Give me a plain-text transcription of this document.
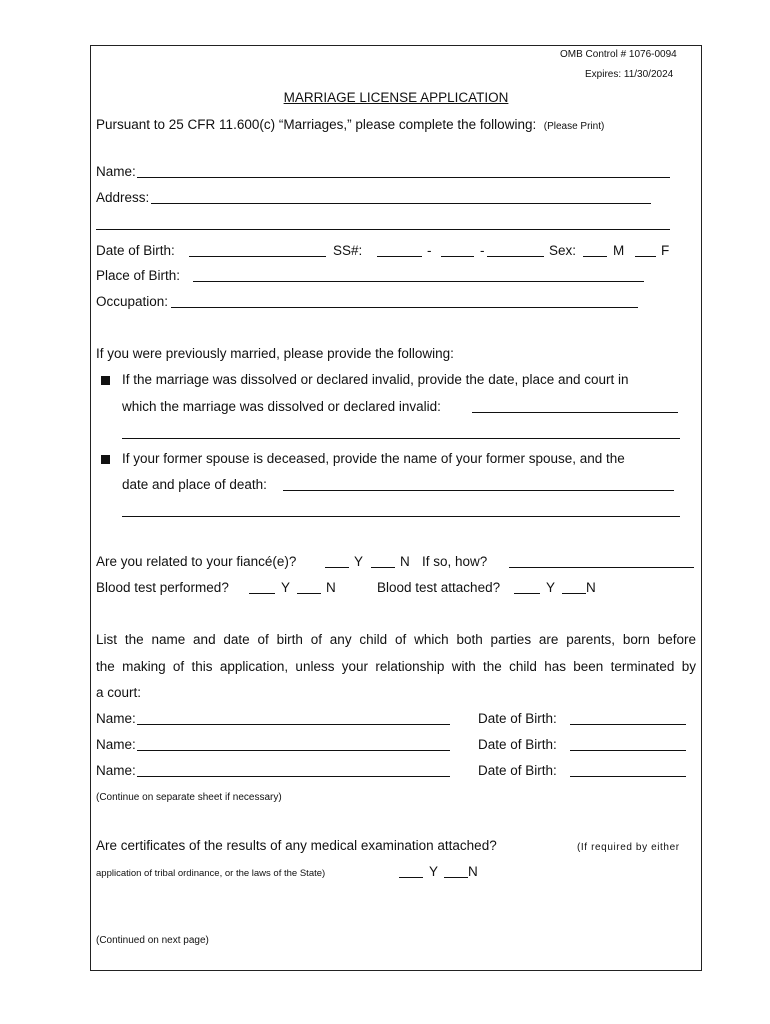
OMB Control # 1076-0094
Expires: 11/30/2024
MARRIAGE LICENSE APPLICATION
Pursuant to 25 CFR 11.600(c) “Marriages,” please complete the following: (Please Print)
Name:
Address:
Date of Birth:	SS#:	-	-	Sex:	M	F
Place of Birth:
Occupation:
If you were previously married, please provide the following:
If the marriage was dissolved or declared invalid, provide the date, place and court in
which the marriage was dissolved or declared invalid:
If your former spouse is deceased, provide the name of your former spouse, and the
date and place of death:
Are you related to your fiancé(e)?	Y	N If so, how?
Blood test performed?	Y	N	Blood test attached?	Y N
List the name and date of birth of any child of which both parties are parents, born before
the making of this application, unless your relationship with the child has been terminated by
a court:
Name:	Date of Birth:
Name:	Date of Birth:
Name:	Date of Birth:
(Continue on separate sheet if necessary)
Are certificates of the results of any medical examination attached?	(If required by either
application of tribal ordinance, or the laws of the State)	Y N
(Continued on next page)
